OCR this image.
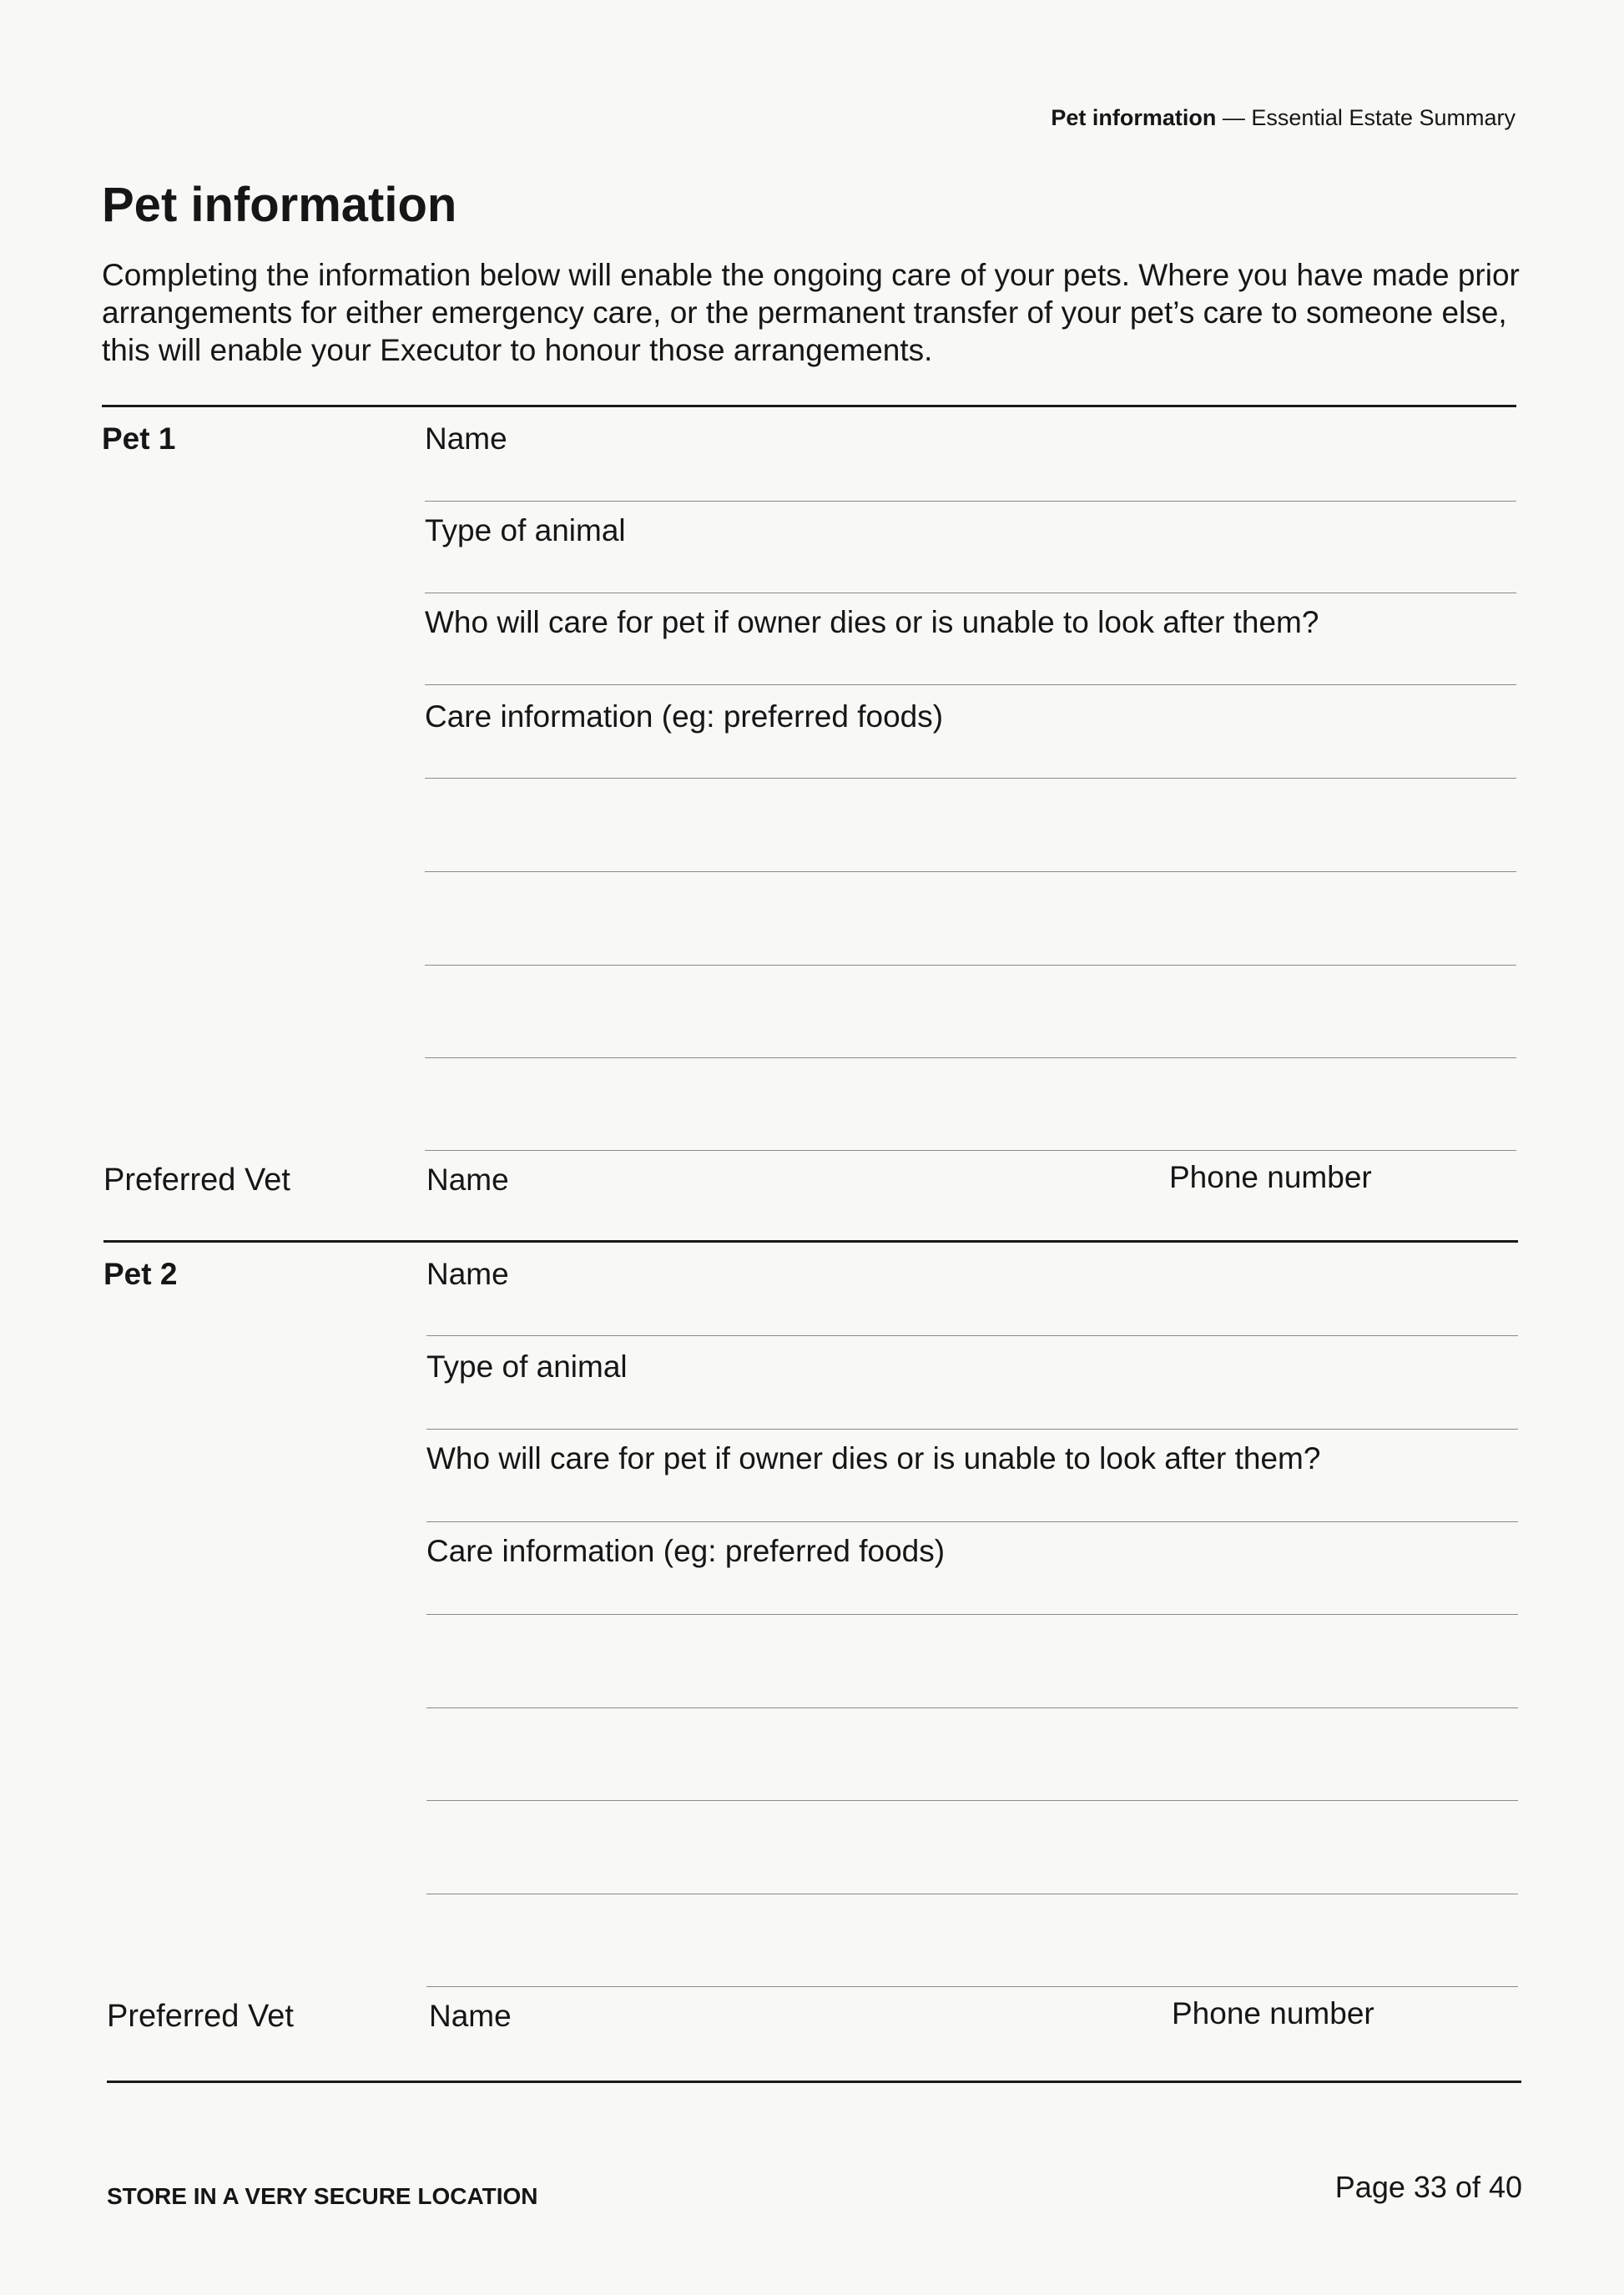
Pet information — Essential Estate Summary
Pet information
Completing the information below will enable the ongoing care of your pets. Where you have made prior arrangements for either emergency care, or the permanent transfer of your pet’s care to someone else, this will enable your Executor to honour those arrangements.
Pet 1	Name
Type of animal
Who will care for pet if owner dies or is unable to look after them?
Care information (eg: preferred foods)
Preferred Vet	Name	Phone number
Pet 2	Name
Type of animal
Who will care for pet if owner dies or is unable to look after them?
Care information (eg: preferred foods)
Preferred Vet	Name	Phone number
STORE IN A VERY SECURE LOCATION	Page 33 of 40
